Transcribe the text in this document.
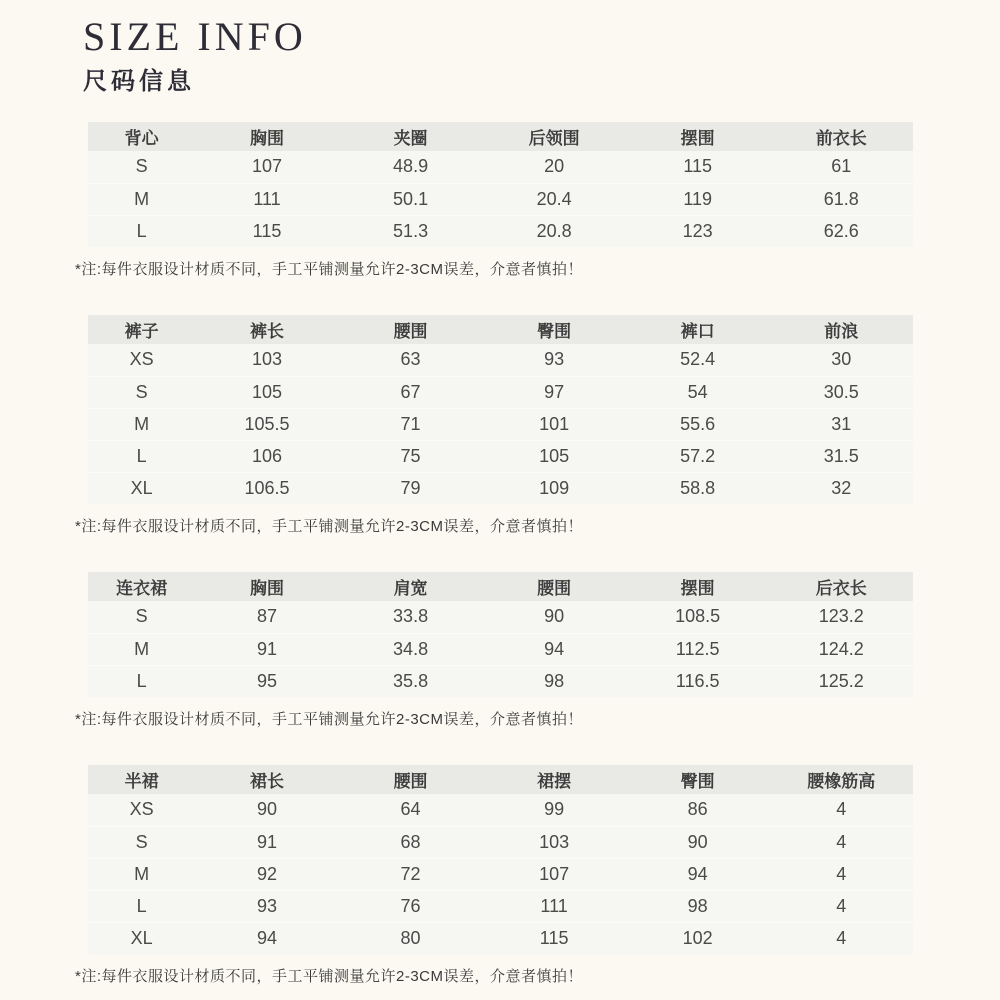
SIZE INFO
尺码信息
背心	胸围	夹圈	后领围	摆围	前衣长
S	107	48.9	20	115	61
M	111	50.1	20.4	119	61.8
L	115	51.3	20.8	123	62.6
*注:每件衣服设计材质不同，手工平铺测量允许2-3CM误差，介意者慎拍！
裤子	裤长	腰围	臀围	裤口	前浪
XS	103	63	93	52.4	30
S	105	67	97	54	30.5
M	105.5	71	101	55.6	31
L	106	75	105	57.2	31.5
XL	106.5	79	109	58.8	32
*注:每件衣服设计材质不同，手工平铺测量允许2-3CM误差，介意者慎拍！
连衣裙	胸围	肩宽	腰围	摆围	后衣长
S	87	33.8	90	108.5	123.2
M	91	34.8	94	112.5	124.2
L	95	35.8	98	116.5	125.2
*注:每件衣服设计材质不同，手工平铺测量允许2-3CM误差，介意者慎拍！
半裙	裙长	腰围	裙摆	臀围	腰橡筋高
XS	90	64	99	86	4
S	91	68	103	90	4
M	92	72	107	94	4
L	93	76	111	98	4
XL	94	80	115	102	4
*注:每件衣服设计材质不同，手工平铺测量允许2-3CM误差，介意者慎拍！
